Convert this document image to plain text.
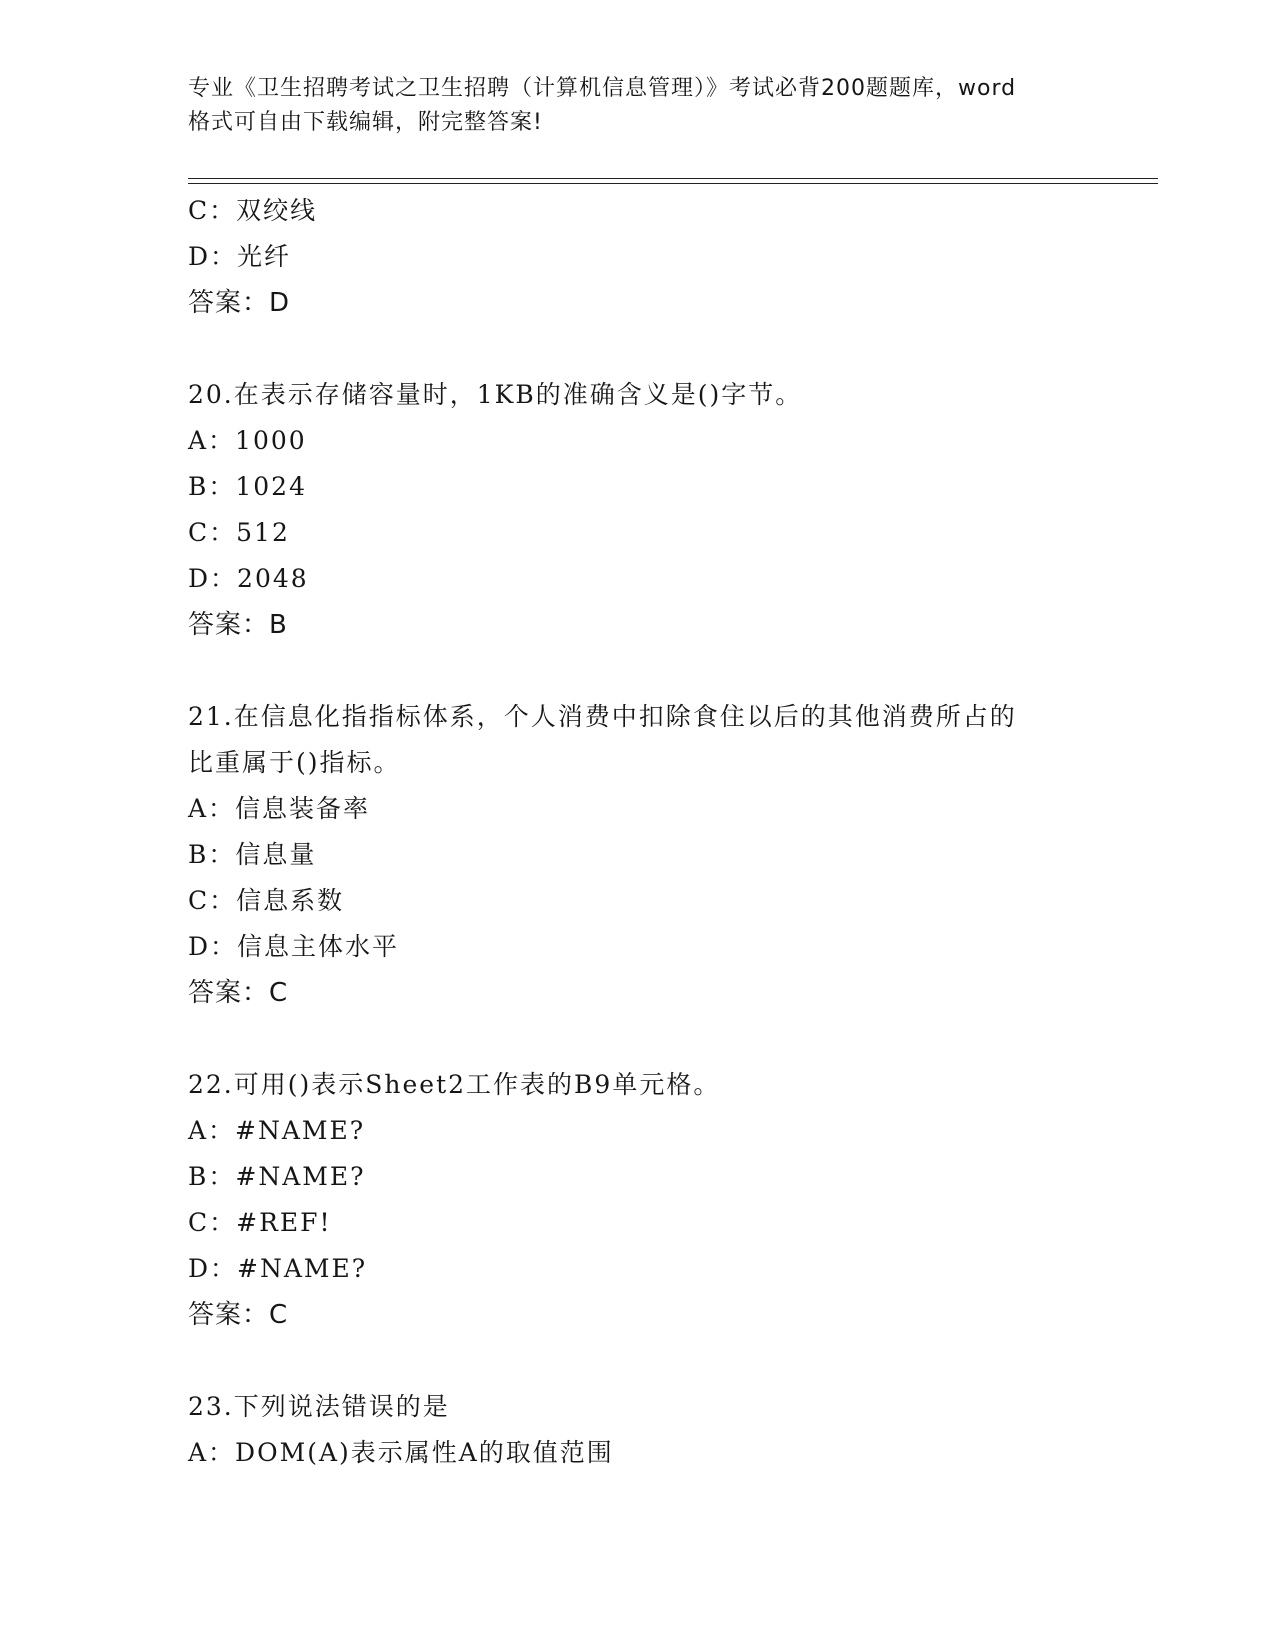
专业《卫生招聘考试之卫生招聘（计算机信息管理）》考试必背200题题库，word
格式可自由下载编辑，附完整答案!
C：双绞线
D：光纤
答案：D
20.在表示存储容量时，1KB的准确含义是()字节。
A：1000
B：1024
C：512
D：2048
答案：B
21.在信息化指指标体系，个人消费中扣除食住以后的其他消费所占的
比重属于()指标。
A：信息装备率
B：信息量
C：信息系数
D：信息主体水平
答案：C
22.可用()表示Sheet2工作表的B9单元格。
A：#NAME?
B：#NAME?
C：#REF!
D：#NAME?
答案：C
23.下列说法错误的是
A：DOM(A)表示属性A的取值范围
